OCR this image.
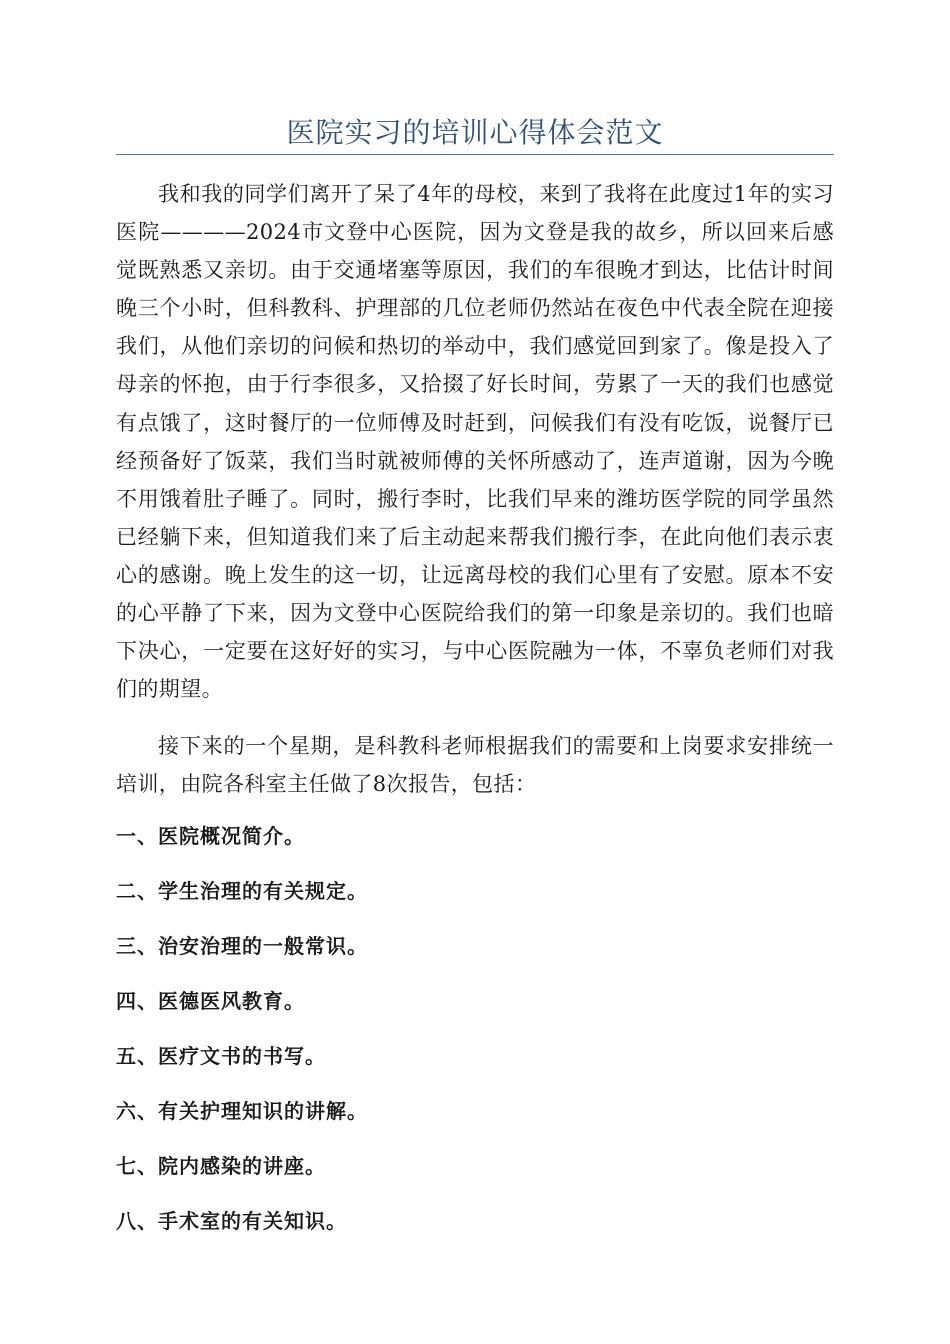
医院实习的培训心得体会范文

我和我的同学们离开了呆了4年的母校，来到了我将在此度过1年的实习医院————2024市文登中心医院，因为文登是我的故乡，所以回来后感觉既熟悉又亲切。由于交通堵塞等原因，我们的车很晚才到达，比估计时间晚三个小时，但科教科、护理部的几位老师仍然站在夜色中代表全院在迎接我们，从他们亲切的问候和热切的举动中，我们感觉回到家了。像是投入了母亲的怀抱，由于行李很多，又拾掇了好长时间，劳累了一天的我们也感觉有点饿了，这时餐厅的一位师傅及时赶到，问候我们有没有吃饭，说餐厅已经预备好了饭菜，我们当时就被师傅的关怀所感动了，连声道谢，因为今晚不用饿着肚子睡了。同时，搬行李时，比我们早来的潍坊医学院的同学虽然已经躺下来，但知道我们来了后主动起来帮我们搬行李，在此向他们表示衷心的感谢。晚上发生的这一切，让远离母校的我们心里有了安慰。原本不安的心平静了下来，因为文登中心医院给我们的第一印象是亲切的。我们也暗下决心，一定要在这好好的实习，与中心医院融为一体，不辜负老师们对我们的期望。

接下来的一个星期，是科教科老师根据我们的需要和上岗要求安排统一培训，由院各科室主任做了8次报告，包括：

一、医院概况简介。
二、学生治理的有关规定。
三、治安治理的一般常识。
四、医德医风教育。
五、医疗文书的书写。
六、有关护理知识的讲解。
七、院内感染的讲座。
八、手术室的有关知识。
